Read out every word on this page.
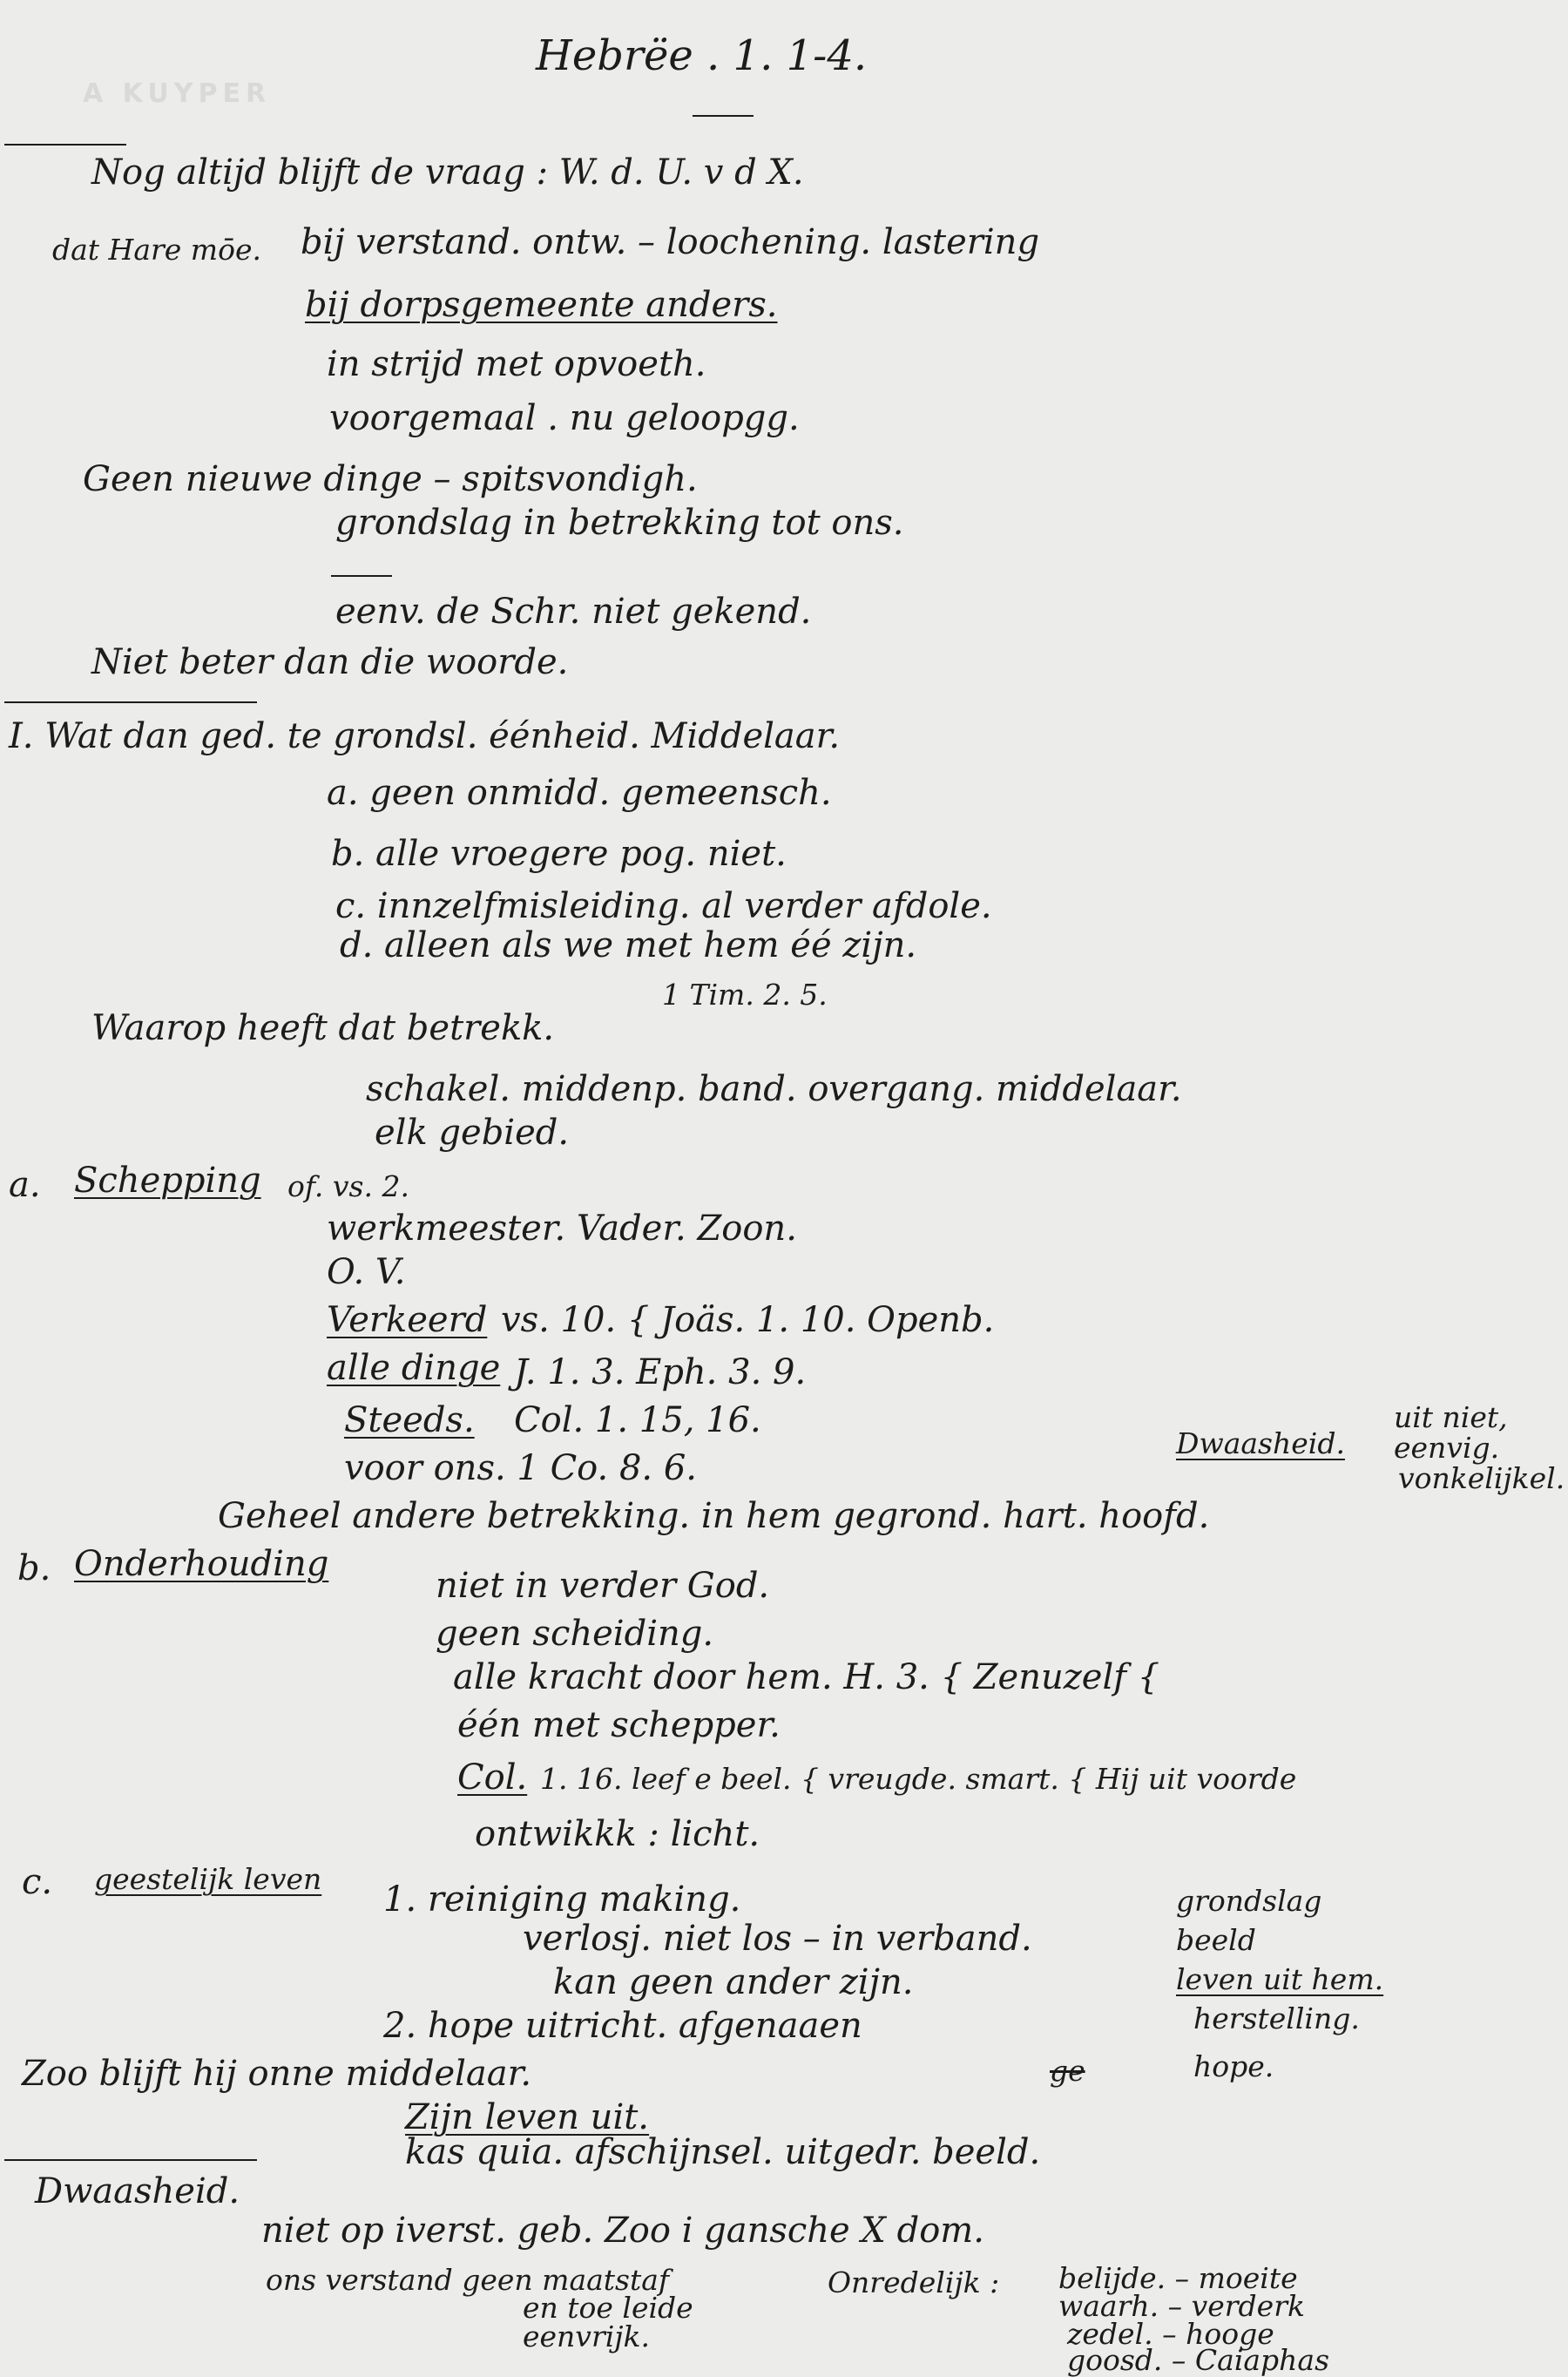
A KUYPER
Hebrëe . 1. 1-4.
Nog altijd blijft de vraag : W. d. U. v d X.
dat Hare mōe. bij verstand. ontw. – loochening. lastering
bij dorpsgemeente anders.
in strijd met opvoeth.
voorgemaal . nu geloopgg.
Geen nieuwe dinge – spitsvondigh.
grondslag in betrekking tot ons.
eenv. de Schr. niet gekend.
Niet beter dan die woorde.
I. Wat dan ged. te grondsl. éénheid. Middelaar.
a. geen onmidd. gemeensch.
b. alle vroegere pog. niet.
c. innzelfmisleiding. al verder afdole.
d. alleen als we met hem éé zijn.
1 Tim. 2. 5.
Waarop heeft dat betrekk.
schakel. middenp. band. overgang. middelaar.
elk gebied.
a. Schepping of. vs. 2.
werkmeester. Vader. Zoon.
O. V.
Verkeerd vs. 10. { Joäs. 1. 10. Openb.
alle dinge J. 1. 3. Eph. 3. 9.
Steeds. Col. 1. 15, 16.
voor ons. 1 Co. 8. 6.
Dwaasheid.
uit niet,
eenvig.
vonkelijkel.
Geheel andere betrekking. in hem gegrond. hart. hoofd.
b. Onderhouding
niet in verder God.
geen scheiding.
alle kracht door hem. H. 3. { Zenuzelf {
één met schepper.
Col. 1. 16. leef e beel. { vreugde. smart. { Hij uit voorde
ontwikkk : licht.
c. geestelijk leven
1. reiniging making.
verlosj. niet los – in verband.
kan geen ander zijn.
2. hope uitricht. afgenaaen
grondslag
beeld
leven uit hem.
herstelling.
hope.
Zoo blijft hij onne middelaar.	ge
Zijn leven uit.
kas quia. afschijnsel. uitgedr. beeld.
Dwaasheid.
niet op iverst. geb. Zoo i gansche X dom.
ons verstand geen maatstaf	Onredelijk : belijde. – moeite
en toe leide	waarh. – verderk
eenvrijk.	zedel. – hooge
goosd. – Caiaphas
